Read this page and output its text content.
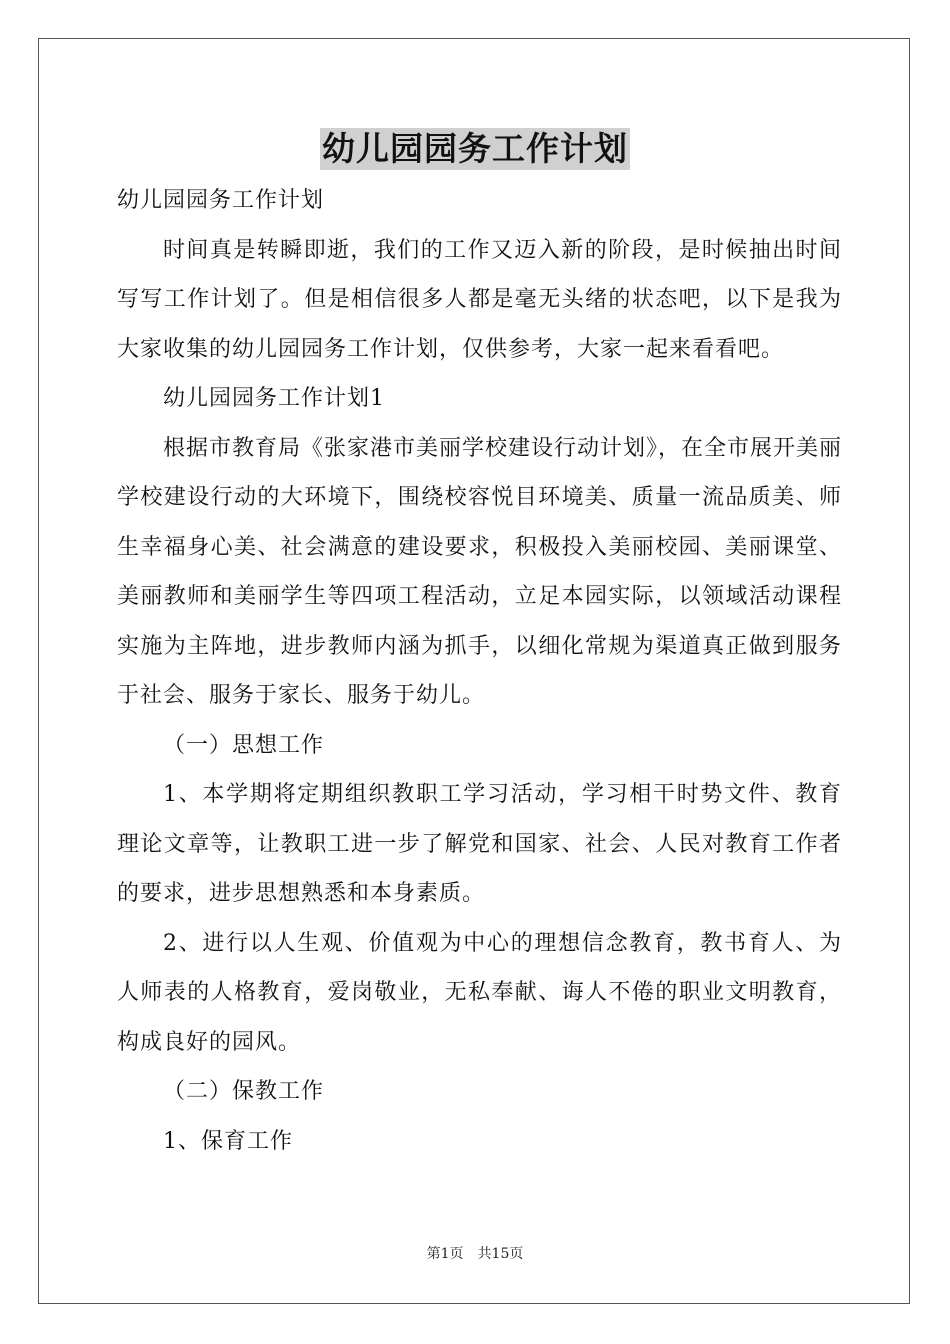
幼儿园园务工作计划

幼儿园园务工作计划

时间真是转瞬即逝，我们的工作又迈入新的阶段，是时候抽出时间写写工作计划了。但是相信很多人都是毫无头绪的状态吧，以下是我为大家收集的幼儿园园务工作计划，仅供参考，大家一起来看看吧。

幼儿园园务工作计划1

根据市教育局《张家港市美丽学校建设行动计划》，在全市展开美丽学校建设行动的大环境下，围绕校容悦目环境美、质量一流品质美、师生幸福身心美、社会满意的建设要求，积极投入美丽校园、美丽课堂、美丽教师和美丽学生等四项工程活动，立足本园实际，以领域活动课程实施为主阵地，进步教师内涵为抓手，以细化常规为渠道真正做到服务于社会、服务于家长、服务于幼儿。

（一）思想工作

1、本学期将定期组织教职工学习活动，学习相干时势文件、教育理论文章等，让教职工进一步了解党和国家、社会、人民对教育工作者的要求，进步思想熟悉和本身素质。

2、进行以人生观、价值观为中心的理想信念教育，教书育人、为人师表的人格教育，爱岗敬业，无私奉献、诲人不倦的职业文明教育，构成良好的园风。

（二）保教工作

1、保育工作

第1页 共15页
